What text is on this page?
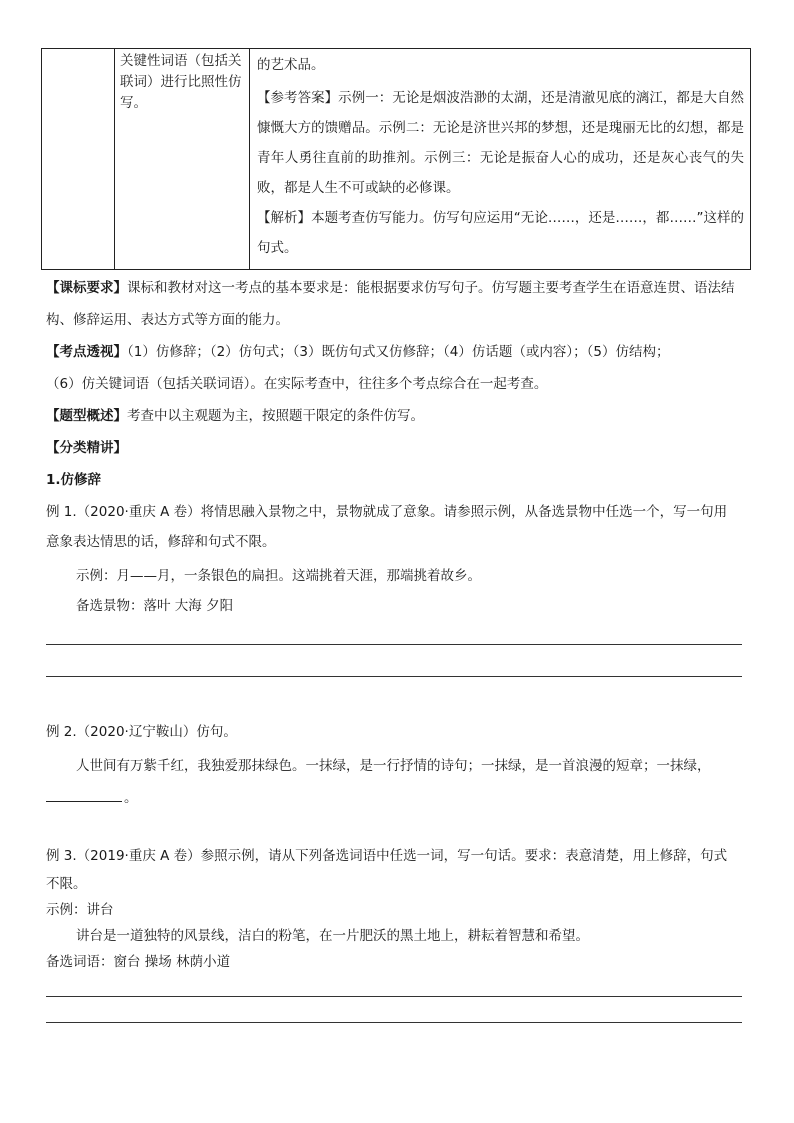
关键性词语（包括关联词）进行比照性仿写。

的艺术品。

【参考答案】示例一：无论是烟波浩渺的太湖，还是清澈见底的漓江，都是大自然慷慨大方的馈赠品。示例二：无论是济世兴邦的梦想，还是瑰丽无比的幻想，都是青年人勇往直前的助推剂。示例三：无论是振奋人心的成功，还是灰心丧气的失败，都是人生不可或缺的必修课。

【解析】本题考查仿写能力。仿写句应运用“无论……，还是……，都……”这样的句式。

【课标要求】课标和教材对这一考点的基本要求是：能根据要求仿写句子。仿写题主要考查学生在语意连贯、语法结构、修辞运用、表达方式等方面的能力。
【考点透视】（1）仿修辞；（2）仿句式；（3）既仿句式又仿修辞；（4）仿话题（或内容）；（5）仿结构；
（6）仿关键词语（包括关联词语）。在实际考查中，往往多个考点综合在一起考查。
【题型概述】考查中以主观题为主，按照题干限定的条件仿写。
【分类精讲】
1.仿修辞
例 1.（2020·重庆 A 卷）将情思融入景物之中，景物就成了意象。请参照示例，从备选景物中任选一个，写一句用
意象表达情思的话，修辞和句式不限。
示例：月——月，一条银色的扁担。这端挑着天涯，那端挑着故乡。
备选景物：落叶 大海 夕阳
例 2.（2020·辽宁鞍山）仿句。
人世间有万紫千红，我独爱那抹绿色。一抹绿，是一行抒情的诗句；一抹绿，是一首浪漫的短章；一抹绿，
。
例 3.（2019·重庆 A 卷）参照示例，请从下列备选词语中任选一词，写一句话。要求：表意清楚，用上修辞，句式
不限。
示例：讲台
讲台是一道独特的风景线，洁白的粉笔，在一片肥沃的黑土地上，耕耘着智慧和希望。
备选词语：窗台 操场 林荫小道
